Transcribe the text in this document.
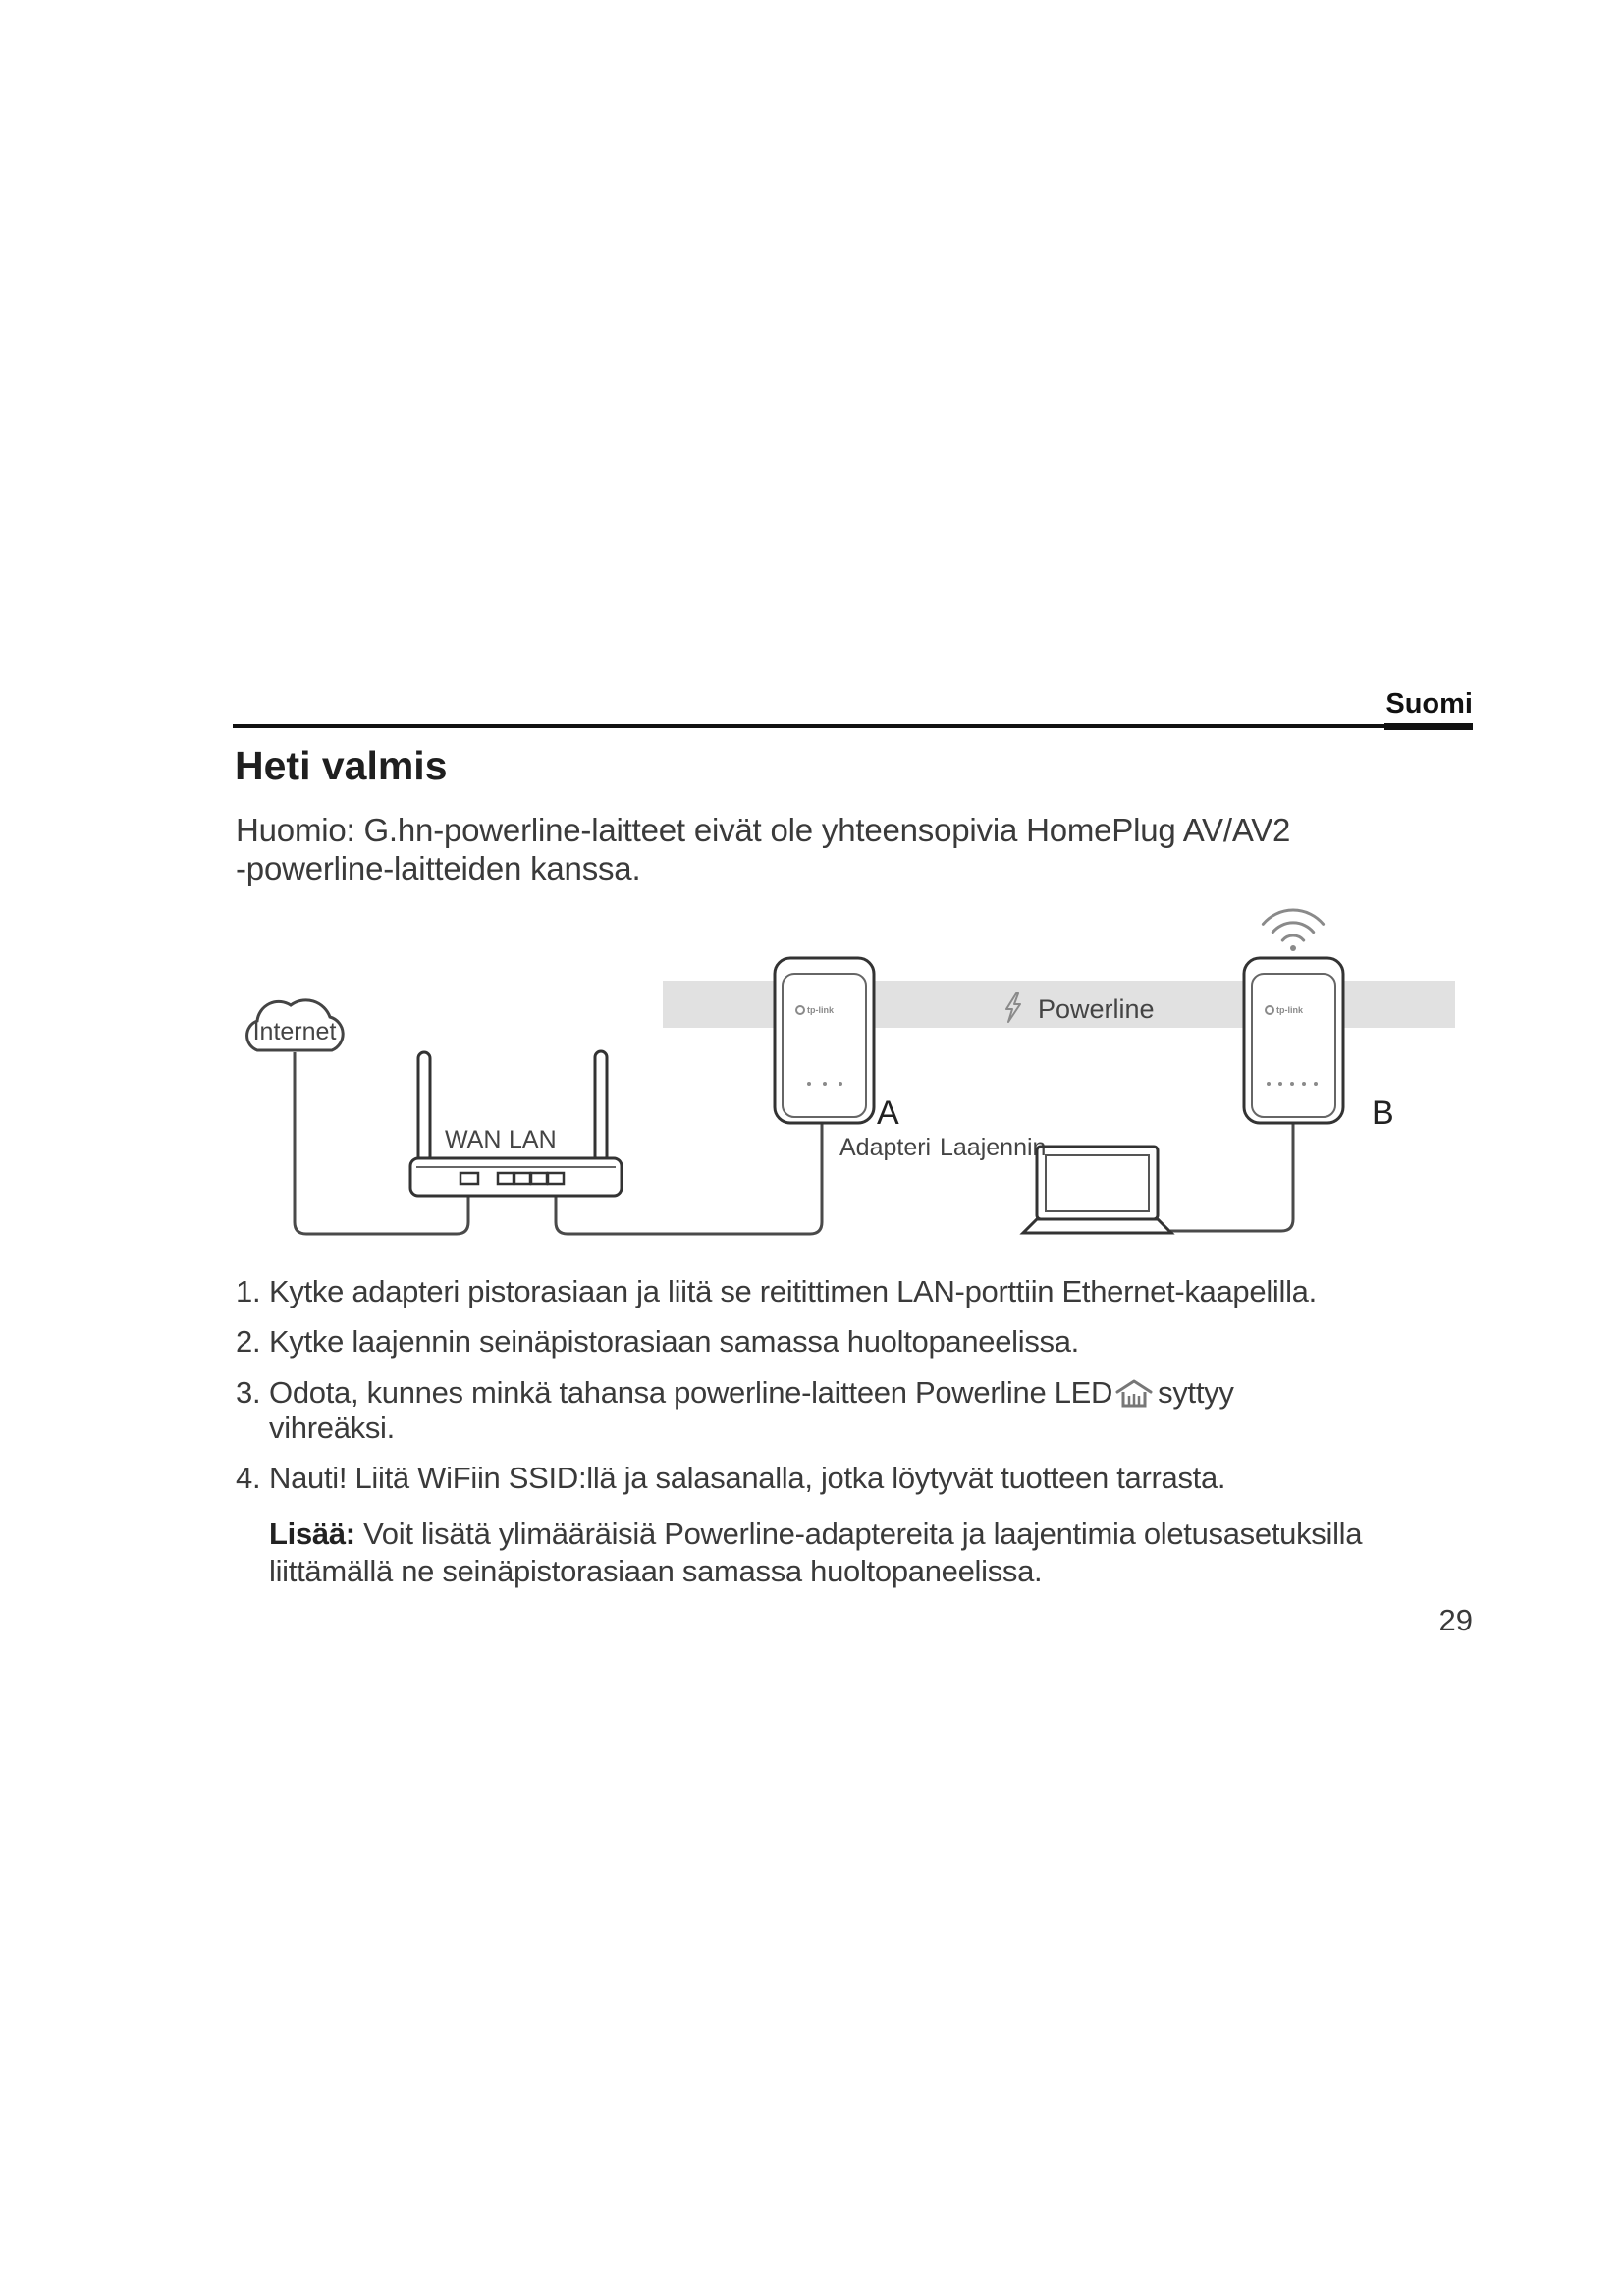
Suomi
Heti valmis
Huomio: G.hn-powerline-laitteet eivät ole yhteensopivia HomePlug AV/AV2
-powerline-laitteiden kanssa.
Powerline
Internet
WAN LAN
tp-link
A
Adapteri Laajennin
tp-link
B
1. Kytke adapteri pistorasiaan ja liitä se reitittimen LAN-porttiin Ethernet-kaapelilla.
2. Kytke laajennin seinäpistorasiaan samassa huoltopaneelissa.
3. Odota, kunnes minkä tahansa powerline-laitteen Powerline LED syttyy
vihreäksi.
4. Nauti! Liitä WiFiin SSID:llä ja salasanalla, jotka löytyvät tuotteen tarrasta.
Lisää: Voit lisätä ylimääräisiä Powerline-adaptereita ja laajentimia oletusasetuksilla
liittämällä ne seinäpistorasiaan samassa huoltopaneelissa.
29
